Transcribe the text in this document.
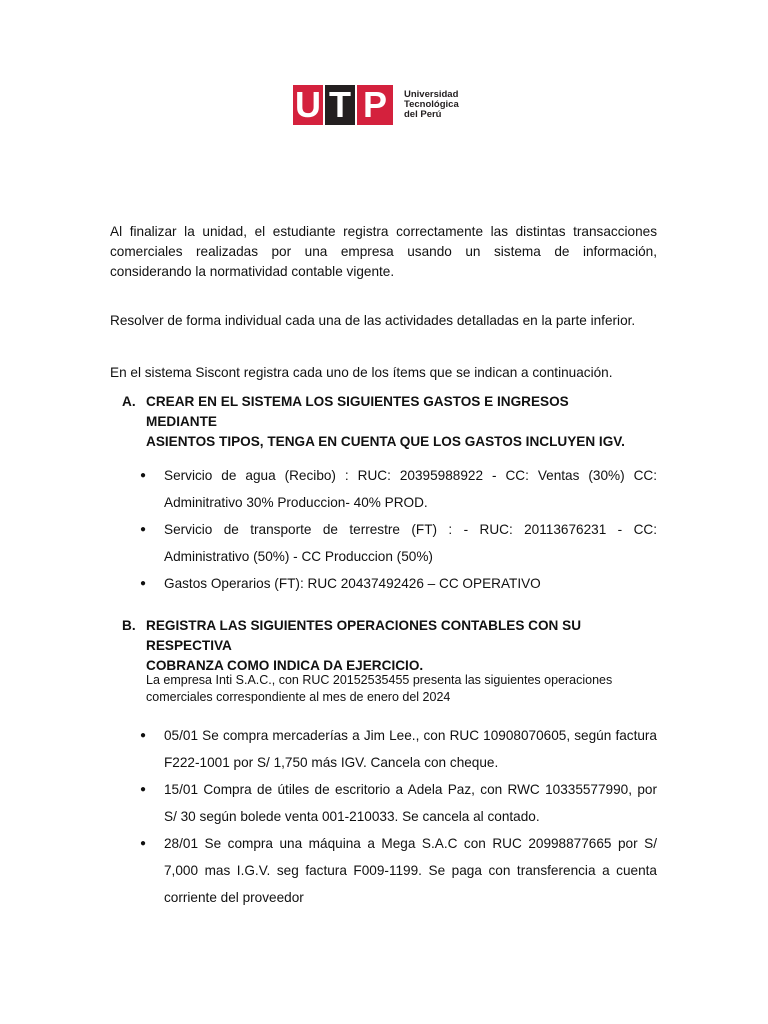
U T P	Universidad
Tecnológica
del Perú
Al finalizar la unidad, el estudiante registra correctamente las distintas transacciones
comerciales realizadas por una empresa usando un sistema de información,
considerando la normatividad contable vigente.
Resolver de forma individual cada una de las actividades detalladas en la parte inferior.
En el sistema Siscont registra cada uno de los ítems que se indican a continuación.
A. CREAR EN EL SISTEMA LOS SIGUIENTES GASTOS E INGRESOS MEDIANTE
ASIENTOS TIPOS, TENGA EN CUENTA QUE LOS GASTOS INCLUYEN IGV.
● Servicio de agua (Recibo) : RUC: 20395988922 - CC: Ventas (30%) CC:
Adminitrativo 30% Produccion- 40% PROD.
● Servicio de transporte de terrestre (FT) : - RUC: 20113676231 - CC:
Administrativo (50%) - CC Produccion (50%)
● Gastos Operarios (FT): RUC 20437492426 – CC OPERATIVO
B. REGISTRA LAS SIGUIENTES OPERACIONES CONTABLES CON SU RESPECTIVA
COBRANZA COMO INDICA DA EJERCICIO.
La empresa Inti S.A.C., con RUC 20152535455 presenta las siguientes operaciones
comerciales correspondiente al mes de enero del 2024
● 05/01 Se compra mercaderías a Jim Lee., con RUC 10908070605, según factura
F222-1001 por S/ 1,750 más IGV. Cancela con cheque.
● 15/01 Compra de útiles de escritorio a Adela Paz, con RWC 10335577990, por
S/ 30 según bolede venta 001-210033. Se cancela al contado.
● 28/01 Se compra una máquina a Mega S.A.C con RUC 20998877665 por S/
7,000 mas I.G.V. seg factura F009-1199. Se paga con transferencia a cuenta
corriente del proveedor
